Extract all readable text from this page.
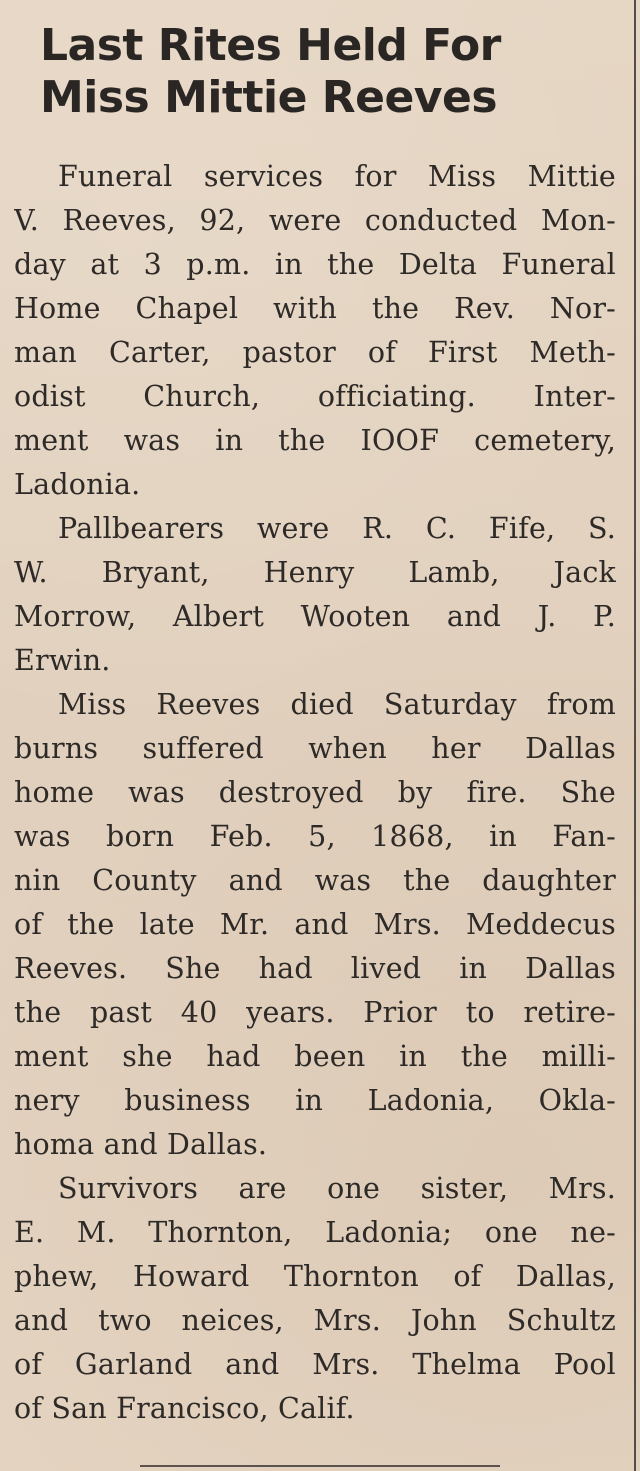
Last Rites Held For
Miss Mittie Reeves
Funeral services for Miss Mittie
V. Reeves, 92, were conducted Mon-
day at 3 p.m. in the Delta Funeral
Home Chapel with the Rev. Nor-
man Carter, pastor of First Meth-
odist Church, officiating. Inter-
ment was in the IOOF cemetery,
Ladonia.
Pallbearers were R. C. Fife, S.
W. Bryant, Henry Lamb, Jack
Morrow, Albert Wooten and J. P.
Erwin.
Miss Reeves died Saturday from
burns suffered when her Dallas
home was destroyed by fire. She
was born Feb. 5, 1868, in Fan-
nin County and was the daughter
of the late Mr. and Mrs. Meddecus
Reeves. She had lived in Dallas
the past 40 years. Prior to retire-
ment she had been in the milli-
nery business in Ladonia, Okla-
homa and Dallas.
Survivors are one sister, Mrs.
E. M. Thornton, Ladonia; one ne-
phew, Howard Thornton of Dallas,
and two neices, Mrs. John Schultz
of Garland and Mrs. Thelma Pool
of San Francisco, Calif.
